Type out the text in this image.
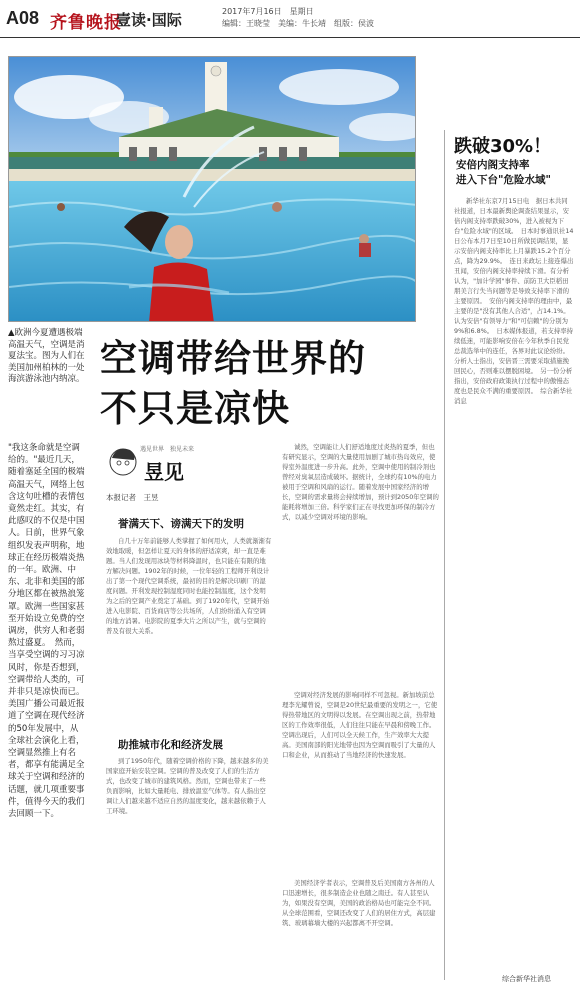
A08 齐鲁晚报
壹读·国际	2017年7月16日　星期日
编辑：王晓莹　美编：牛长靖　组版：侯波
▲欧洲今夏遭遇极端高温天气，空调是消夏法宝。图为人们在美国加州柏林的一处海滨游泳池内纳凉。 空调带给世界的
不只是凉快
"我这条命就是空调给的。"最近几天，随着塞延全国的极端高温天气，网络上包含这句吐槽的表情包竟然走红。其实，有此感叹的不仅是中国人。日前，世界气象组织发表声明称，地球正在经历极端炎热的一年。欧洲、中东、北非和美国的部分地区都在被热浪笼罩。欧洲一些国家甚至开始设立免费的空调房，供穷人和老弱熬过盛夏。　然而，当享受空调的习习凉风时，你是否想到，空调带给人类的，可并非只是凉快而已。美国广播公司最近报道了空调在现代经济的50年发展中，从全球社会演化上看，空调显然推上有名者，都享有能满足全球关于空调和经济的话题，就几项重要事件，值得今天的我们去回顾一下。
遇见世界　独见未来
昱见
本报记者　王昱
誉满天下、谤满天下的发明
助推城市化和经济发展

自几十万年前能够人类掌握了如何用火，人类就渐渐有效地取暖，但怎样让夏天的身体的舒适凉爽，却一直是难题。当人们发现用冰块等材料降温时，也只能在有限的地方解决问题。1902年的时候，一位年轻的工程师开利设计出了第一个现代空调系统，最初的目的是解决印刷厂的湿度问题。开利发现控制湿度同时也能控制温度，这个发明为之后的空调产业奠定了基础。到了1920年代，空调开始进入电影院、百货商店等公共场所，人们纷纷涌入有空调的地方消暑。电影院的夏季大片之所以产生，就与空调的普及有很大关系。

到了1950年代，随着空调价格的下降，越来越多的美国家庭开始安装空调。空调的普及改变了人们的生活方式，也改变了城市的建筑风格。然而，空调也带来了一些负面影响，比如大量耗电、排放温室气体等。有人指出空调让人们越来越不适应自然的温度变化，越来越依赖于人工环境。

诚然，空调能让人们舒适地度过炎热的夏季，但也有研究显示，空调的大量使用加剧了城市热岛效应，使得室外温度进一步升高。此外，空调中使用的制冷剂也曾经对臭氧层造成破坏。据统计，全球约有10%的电力被用于空调和风扇的运行。随着发展中国家经济的增长，空调的需求量将会持续增加，预计到2050年空调的能耗将增加三倍。科学家们正在寻找更加环保的制冷方式，以减少空调对环境的影响。

空调对经济发展的影响同样不可忽视。新加坡前总理李光耀曾说，空调是20世纪最重要的发明之一，它使得热带地区的文明得以发展。在空调出现之前，热带地区的工作效率很低，人们往往只能在早晨和傍晚工作。空调出现后，人们可以全天候工作，生产效率大大提高。美国南部的阳光地带也因为空调而吸引了大量的人口和企业，从而推动了当地经济的快速发展。

美国经济学者表示，空调普及后美国南方各州的人口迅速增长，很多制造企业也随之南迁。有人甚至认为，如果没有空调，美国的政治格局也可能完全不同。从全球范围看，空调还改变了人们的居住方式，高层建筑、玻璃幕墙大楼的兴起都离不开空调。

跌破30%！
安倍内阁支持率
进入下台"危险水域"

新华社东京7月15日电　据日本共同社报道，日本最新舆论调查结果显示，安倍内阁支持率跌破30%，进入被视为下台"危险水域"的区域。　日本时事通讯社14日公布本月7日至10日所做民调结果，显示安倍内阁支持率比上月暴跌15.2个百分点，降为29.9%。　连日来政坛上接连爆出丑闻，安倍内阁支持率持续下滑。有分析认为，"加计学园"事件、前防卫大臣稻田朋美言行失当问题等是导致支持率下滑的主要原因。　安倍内阁支持率的理由中，最主要的是"没有其他人合适"，占14.1%。认为安倍"有领导力"和"可信赖"的分别为9%和6.8%。　日本媒体报道，若支持率持续低迷，可能影响安倍在今年秋季自民党总裁选举中的连任，各界对此议论纷纷。分析人士指出，安倍晋三需要采取措施挽回民心，否则难以摆脱困境。　另一份分析指出，安倍政府政策执行过程中的傲慢态度也是民众不满的重要原因。　综合新华社消息

综合新华社消息
